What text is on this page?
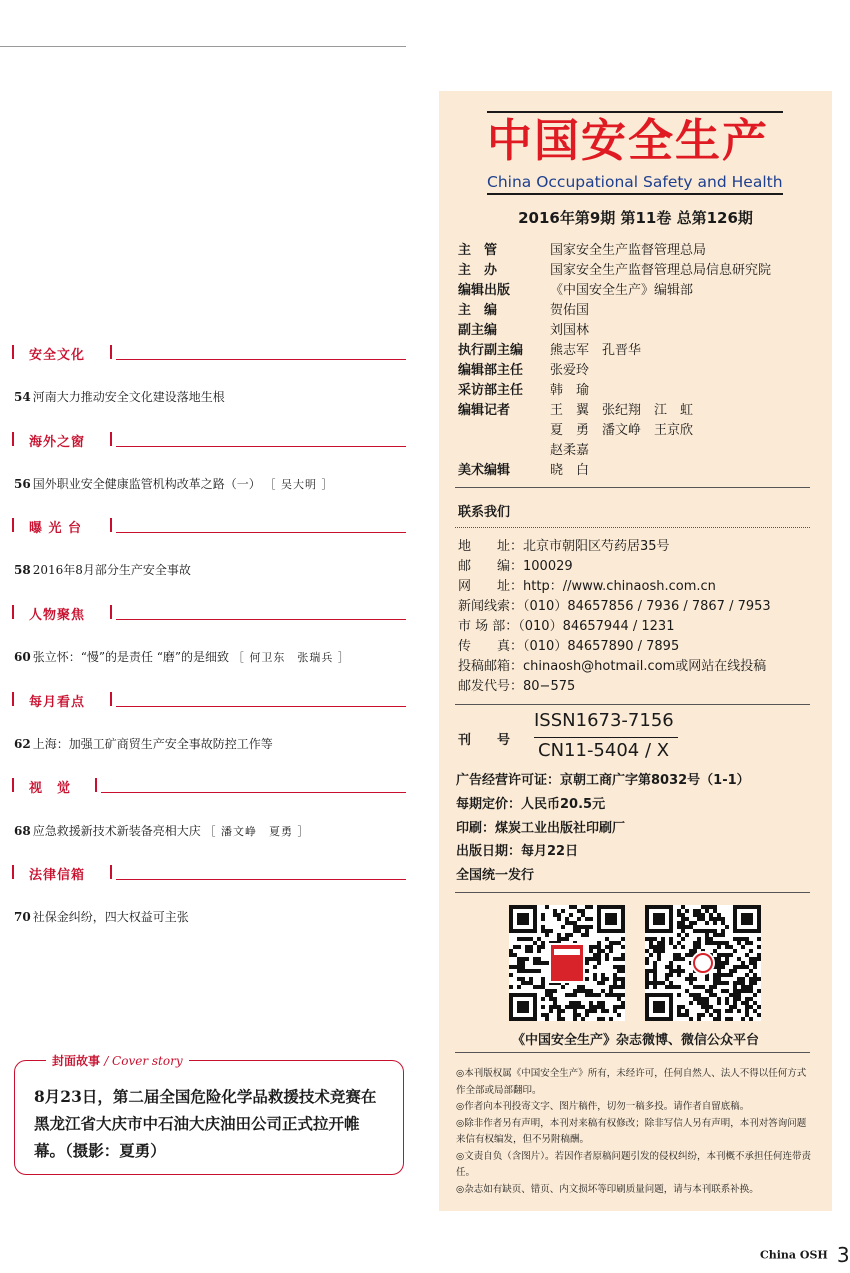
安全文化
54 河南大力推动安全文化建设落地生根
海外之窗
56 国外职业安全健康监管机构改革之路（一） ［ 吴大明 ］
曝 光 台
58 2016年8月部分生产安全事故
人物聚焦
60 张立怀：“慢”的是责任 “磨”的是细致 ［ 何卫东　张瑞兵 ］
每月看点
62 上海：加强工矿商贸生产安全事故防控工作等
视　觉
68 应急救援新技术新装备亮相大庆 ［ 潘文峥　夏勇 ］
法律信箱
70 社保金纠纷，四大权益可主张
封面故事 / Cover story
8月23日，第二届全国危险化学品救援技术竞赛在黑龙江省大庆市中石油大庆油田公司正式拉开帷幕。（摄影：夏勇）
中国安全生产
China Occupational Safety and Health
2016年第9期 第11卷 总第126期
主　管	国家安全生产监督管理总局
主　办	国家安全生产监督管理总局信息研究院
编辑出版	《中国安全生产》编辑部
主　编	贺佑国
副主编	刘国林
执行副主编	熊志军　孔晋华
编辑部主任	张爱玲
采访部主任	韩　瑜
编辑记者	王　翼　张纪翔　江　虹
夏　勇　潘文峥　王京欣
赵柔嘉
美术编辑	晓　白
联系我们
地　　址：北京市朝阳区芍药居35号
邮　　编：100029
网　　址：http：//www.chinaosh.com.cn
新闻线索：（010）84657856 / 7936 / 7867 / 7953
市 场 部：（010）84657944 / 1231
传　　真：（010）84657890 / 7895
投稿邮箱：chinaosh@hotmail.com或网站在线投稿
邮发代号：80−575
刊　　号
ISSN1673-7156
CN11-5404 / X
广告经营许可证：京朝工商广字第8032号（1-1）
每期定价：人民币20.5元
印刷：煤炭工业出版社印刷厂
出版日期：每月22日
全国统一发行
《中国安全生产》杂志微博、微信公众平台

◎本刊版权属《中国安全生产》所有，未经许可，任何自然人、法人不得以任何方式作全部或局部翻印。

◎作者向本刊投寄文字、图片稿件，切勿一稿多投。请作者自留底稿。

◎除非作者另有声明，本刊对来稿有权修改；除非写信人另有声明，本刊对答询问题来信有权编发，但不另附稿酬。

◎文责自负（含图片）。若因作者原稿问题引发的侵权纠纷，本刊概不承担任何连带责任。

◎杂志如有缺页、错页、内文损坏等印刷质量问题，请与本刊联系补换。

China OSH 3
